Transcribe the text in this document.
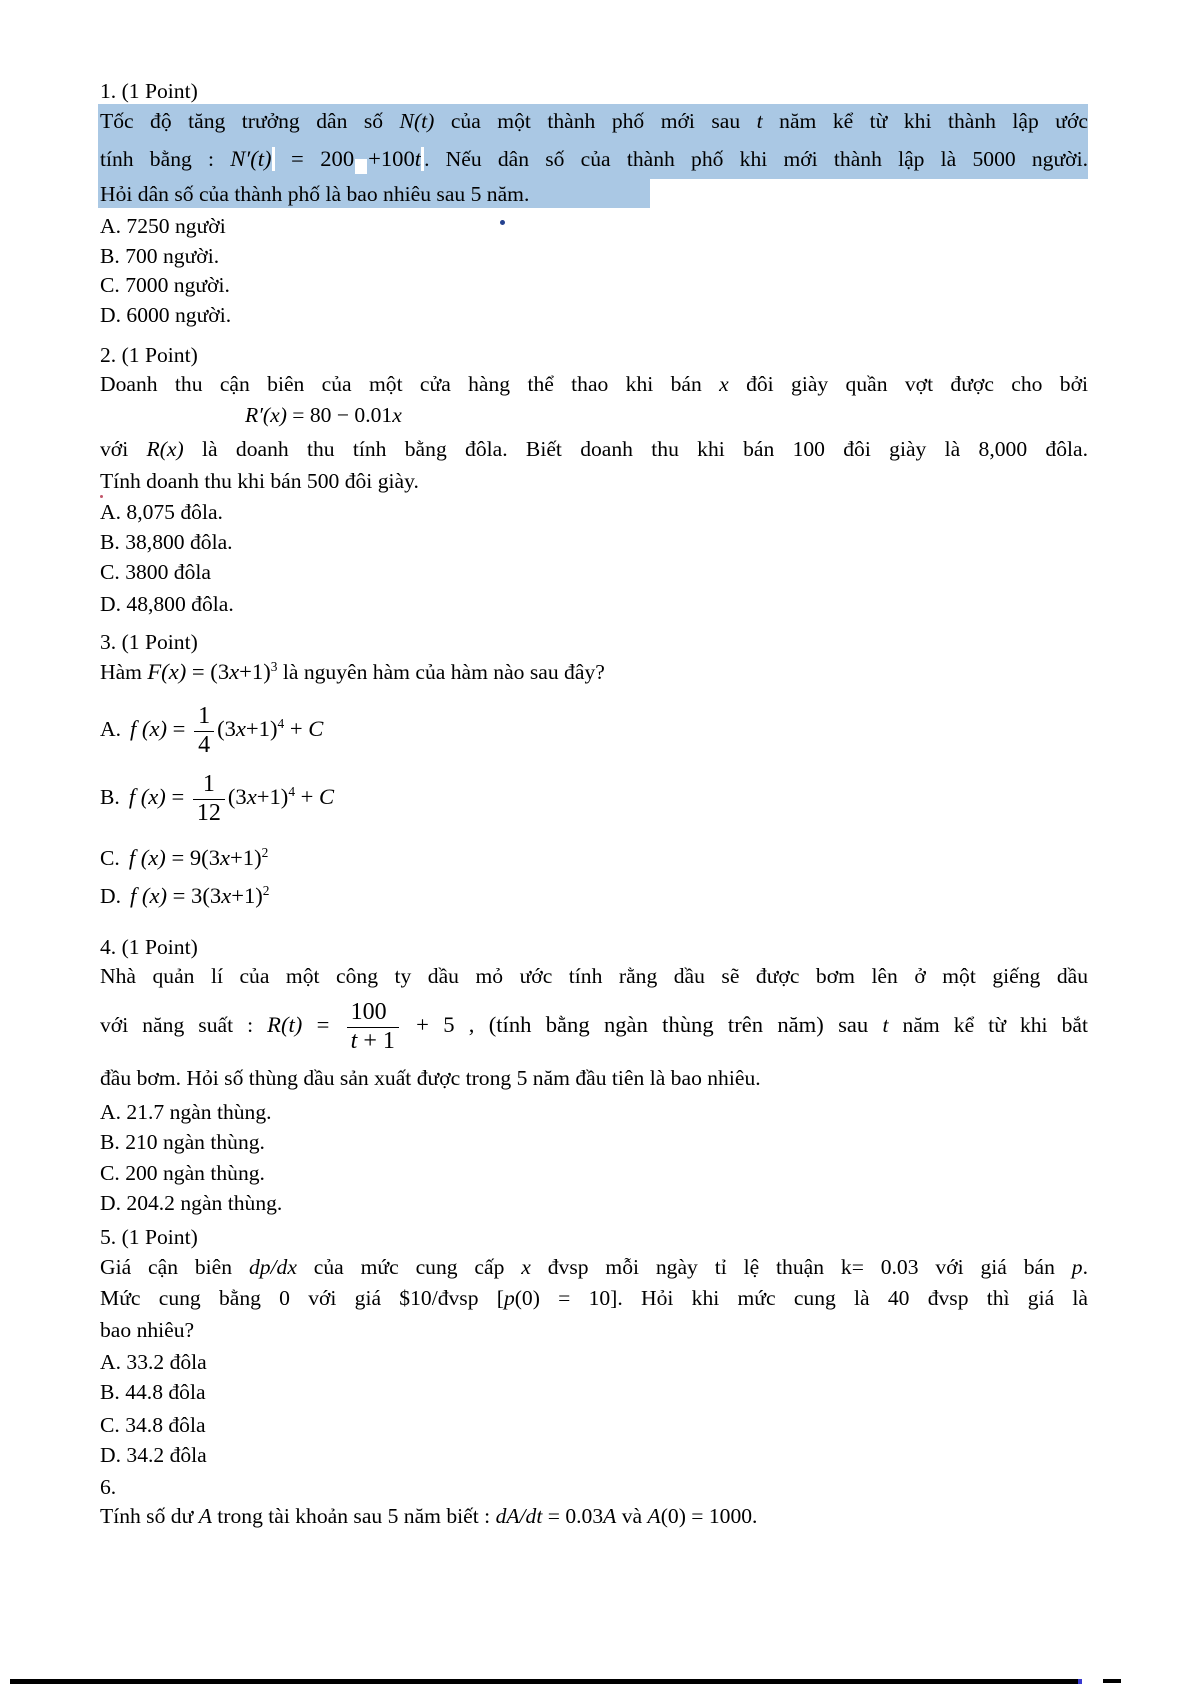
1. (1 Point)
Tốc độ tăng trưởng dân số N(t) của một thành phố mới sau t năm kể từ khi thành lập ước
tính bằng : N′(t) = 200 +100t . Nếu dân số của thành phố khi mới thành lập là 5000 người.
Hỏi dân số của thành phố là bao nhiêu sau 5 năm.
A. 7250 người
B. 700 người.
C. 7000 người.
D. 6000 người.
2. (1 Point)
Doanh thu cận biên của một cửa hàng thể thao khi bán x đôi giày quần vợt được cho bởi
R′(x) = 80 − 0.01x
với R(x) là doanh thu tính bằng đôla. Biết doanh thu khi bán 100 đôi giày là 8,000 đôla.
Tính doanh thu khi bán 500 đôi giày.
A. 8,075 đôla.
B. 38,800 đôla.
C. 3800 đôla
D. 48,800 đôla.
3. (1 Point)
Hàm $F(x) = (3x+1)^3$ là nguyên hàm của hàm nào sau đây?
A. f $(x) = \frac{1}{4} (3x+1)^4 + C$
B. f $(x) = \frac{1}{12} (3x+1)^4 + C$
C. f $(x) = 9(3x+1)^2$
D. f $(x) = 3(3x+1)^2$
4. (1 Point)
Nhà quản lí của một công ty dầu mỏ ước tính rằng dầu sẽ được bơm lên ở một giếng dầu
với năng suất : $R(t) = \frac{100}{t + 1} + 5$ , (tính bằng ngàn thùng trên năm) sau t năm kể từ khi bắt
đầu bơm. Hỏi số thùng dầu sản xuất được trong 5 năm đầu tiên là bao nhiêu.
A. 21.7 ngàn thùng.
B. 210 ngàn thùng.
C. 200 ngàn thùng.
D. 204.2 ngàn thùng.
5. (1 Point)
Giá cận biên dp/dx của mức cung cấp x đvsp mỗi ngày tỉ lệ thuận k= 0.03 với giá bán p.
Mức cung bằng 0 với giá $10/đvsp [p(0) = 10]. Hỏi khi mức cung là 40 đvsp thì giá là
bao nhiêu?
A. 33.2 đôla
B. 44.8 đôla
C. 34.8 đôla
D. 34.2 đôla
6.
Tính số dư A trong tài khoản sau 5 năm biết : dA/dt = 0.03A và A(0) = 1000.
